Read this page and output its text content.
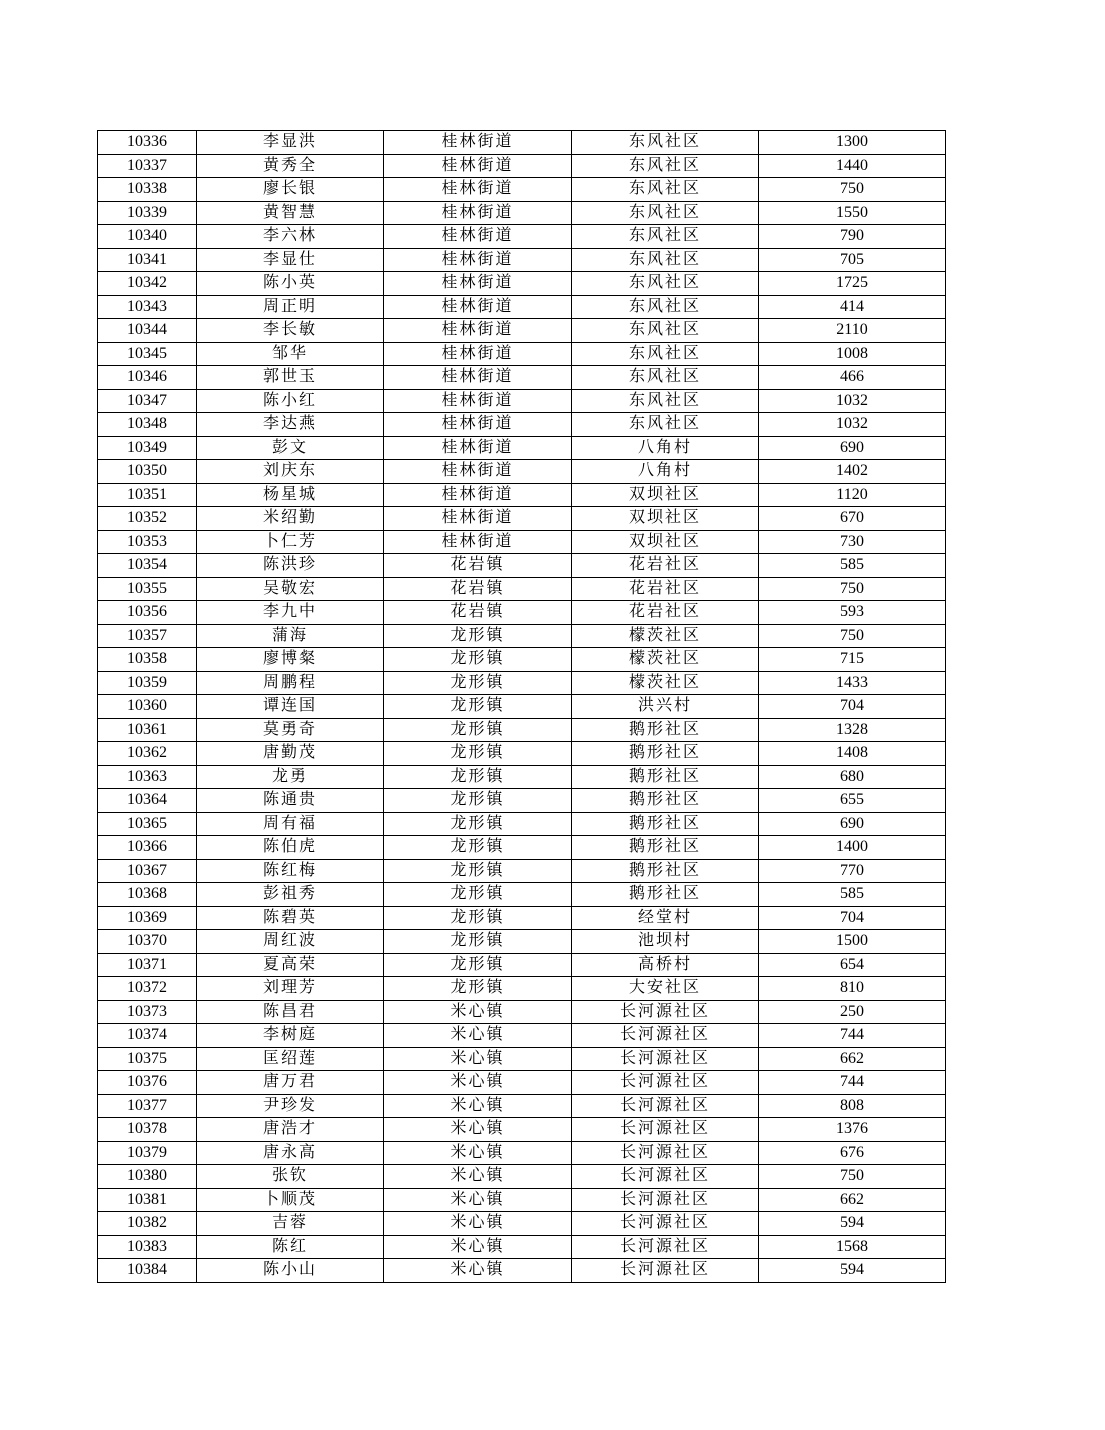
10336	李显洪	桂林街道	东风社区	1300
10337	黄秀全	桂林街道	东风社区	1440
10338	廖长银	桂林街道	东风社区	750
10339	黄智慧	桂林街道	东风社区	1550
10340	李六林	桂林街道	东风社区	790
10341	李显仕	桂林街道	东风社区	705
10342	陈小英	桂林街道	东风社区	1725
10343	周正明	桂林街道	东风社区	414
10344	李长敏	桂林街道	东风社区	2110
10345	邹华	桂林街道	东风社区	1008
10346	郭世玉	桂林街道	东风社区	466
10347	陈小红	桂林街道	东风社区	1032
10348	李达燕	桂林街道	东风社区	1032
10349	彭文	桂林街道	八角村	690
10350	刘庆东	桂林街道	八角村	1402
10351	杨星城	桂林街道	双坝社区	1120
10352	米绍勤	桂林街道	双坝社区	670
10353	卜仁芳	桂林街道	双坝社区	730
10354	陈洪珍	花岩镇	花岩社区	585
10355	吴敬宏	花岩镇	花岩社区	750
10356	李九中	花岩镇	花岩社区	593
10357	蒲海	龙形镇	檬茨社区	750
10358	廖博粲	龙形镇	檬茨社区	715
10359	周鹏程	龙形镇	檬茨社区	1433
10360	谭连国	龙形镇	洪兴村	704
10361	莫勇奇	龙形镇	鹅形社区	1328
10362	唐勤茂	龙形镇	鹅形社区	1408
10363	龙勇	龙形镇	鹅形社区	680
10364	陈通贵	龙形镇	鹅形社区	655
10365	周有福	龙形镇	鹅形社区	690
10366	陈伯虎	龙形镇	鹅形社区	1400
10367	陈红梅	龙形镇	鹅形社区	770
10368	彭祖秀	龙形镇	鹅形社区	585
10369	陈碧英	龙形镇	经堂村	704
10370	周红波	龙形镇	池坝村	1500
10371	夏高荣	龙形镇	高桥村	654
10372	刘理芳	龙形镇	大安社区	810
10373	陈昌君	米心镇	长河源社区	250
10374	李树庭	米心镇	长河源社区	744
10375	匡绍莲	米心镇	长河源社区	662
10376	唐万君	米心镇	长河源社区	744
10377	尹珍发	米心镇	长河源社区	808
10378	唐浩才	米心镇	长河源社区	1376
10379	唐永高	米心镇	长河源社区	676
10380	张钦	米心镇	长河源社区	750
10381	卜顺茂	米心镇	长河源社区	662
10382	吉蓉	米心镇	长河源社区	594
10383	陈红	米心镇	长河源社区	1568
10384	陈小山	米心镇	长河源社区	594
